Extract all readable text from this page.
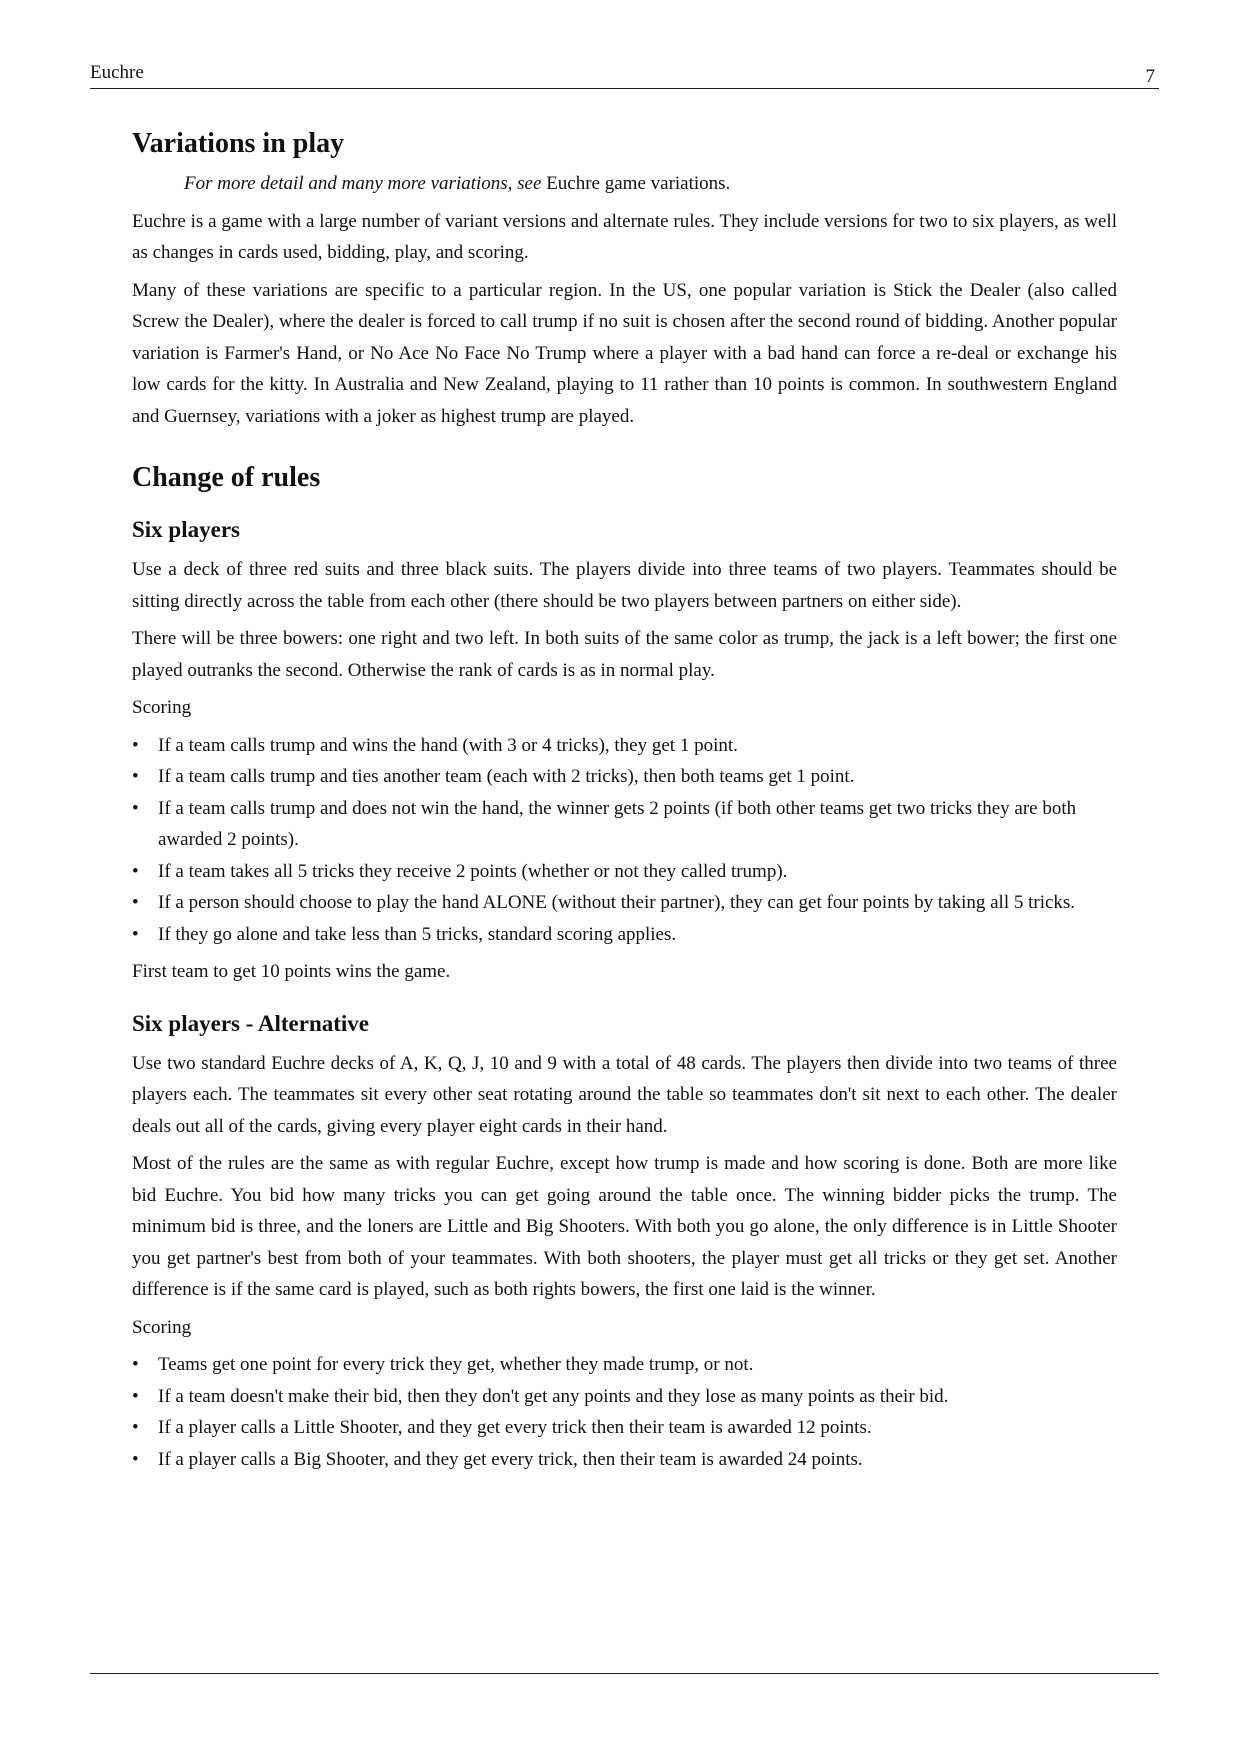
Euchre	7
Variations in play

For more detail and many more variations, see Euchre game variations.

Euchre is a game with a large number of variant versions and alternate rules. They include versions for two to six players, as well as changes in cards used, bidding, play, and scoring.

Many of these variations are specific to a particular region. In the US, one popular variation is Stick the Dealer (also called Screw the Dealer), where the dealer is forced to call trump if no suit is chosen after the second round of bidding. Another popular variation is Farmer's Hand, or No Ace No Face No Trump where a player with a bad hand can force a re-deal or exchange his low cards for the kitty. In Australia and New Zealand, playing to 11 rather than 10 points is common. In southwestern England and Guernsey, variations with a joker as highest trump are played.

Change of rules
Six players

Use a deck of three red suits and three black suits. The players divide into three teams of two players. Teammates should be sitting directly across the table from each other (there should be two players between partners on either side).

There will be three bowers: one right and two left. In both suits of the same color as trump, the jack is a left bower; the first one played outranks the second. Otherwise the rank of cards is as in normal play.

Scoring

• If a team calls trump and wins the hand (with 3 or 4 tricks), they get 1 point.
• If a team calls trump and ties another team (each with 2 tricks), then both teams get 1 point.
• If a team calls trump and does not win the hand, the winner gets 2 points (if both other teams get two tricks they are both awarded 2 points).
• If a team takes all 5 tricks they receive 2 points (whether or not they called trump).
• If a person should choose to play the hand ALONE (without their partner), they can get four points by taking all 5 tricks.
• If they go alone and take less than 5 tricks, standard scoring applies.

First team to get 10 points wins the game.

Six players - Alternative

Use two standard Euchre decks of A, K, Q, J, 10 and 9 with a total of 48 cards. The players then divide into two teams of three players each. The teammates sit every other seat rotating around the table so teammates don't sit next to each other. The dealer deals out all of the cards, giving every player eight cards in their hand.

Most of the rules are the same as with regular Euchre, except how trump is made and how scoring is done. Both are more like bid Euchre. You bid how many tricks you can get going around the table once. The winning bidder picks the trump. The minimum bid is three, and the loners are Little and Big Shooters. With both you go alone, the only difference is in Little Shooter you get partner's best from both of your teammates. With both shooters, the player must get all tricks or they get set. Another difference is if the same card is played, such as both rights bowers, the first one laid is the winner.

Scoring

• Teams get one point for every trick they get, whether they made trump, or not.
• If a team doesn't make their bid, then they don't get any points and they lose as many points as their bid.
• If a player calls a Little Shooter, and they get every trick then their team is awarded 12 points.
• If a player calls a Big Shooter, and they get every trick, then their team is awarded 24 points.
